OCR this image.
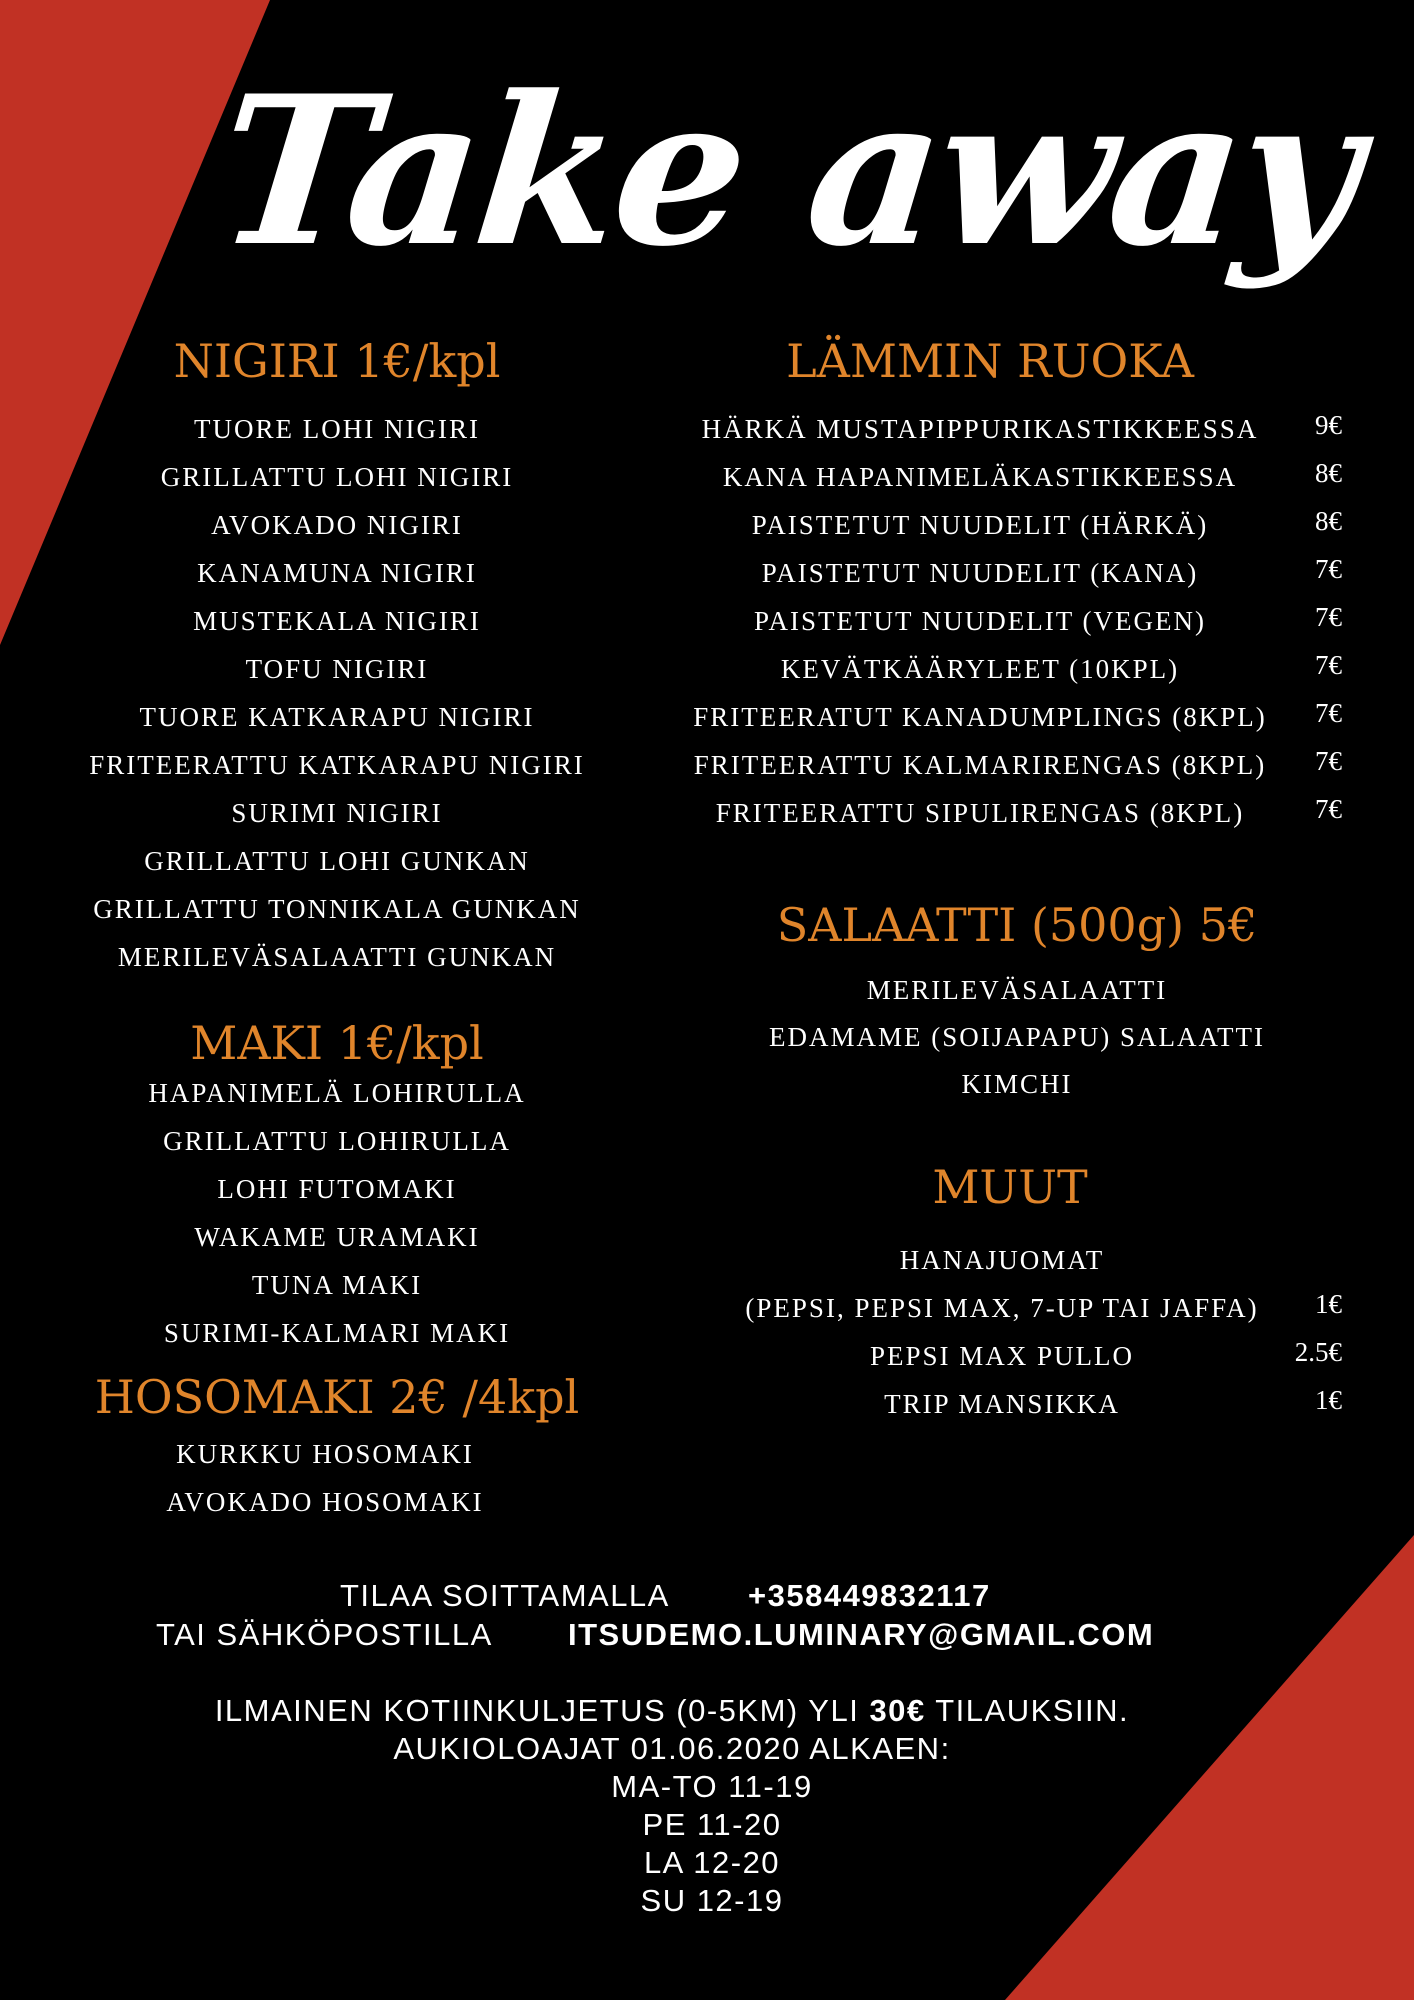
Take away
NIGIRI 1€/kpl
TUORE LOHI NIGIRI
GRILLATTU LOHI NIGIRI
AVOKADO NIGIRI
KANAMUNA NIGIRI
MUSTEKALA NIGIRI
TOFU NIGIRI
TUORE KATKARAPU NIGIRI
FRITEERATTU KATKARAPU NIGIRI
SURIMI NIGIRI
GRILLATTU LOHI GUNKAN
GRILLATTU TONNIKALA GUNKAN
MERILEVÄSALAATTI GUNKAN
MAKI 1€/kpl
HAPANIMELÄ LOHIRULLA
GRILLATTU LOHIRULLA
LOHI FUTOMAKI
WAKAME URAMAKI
TUNA MAKI
SURIMI-KALMARI MAKI
HOSOMAKI 2€ /4kpl
KURKKU HOSOMAKI
AVOKADO HOSOMAKI
LÄMMIN RUOKA
HÄRKÄ MUSTAPIPPURIKASTIKKEESSA 9€
KANA HAPANIMELÄKASTIKKEESSA	8€
PAISTETUT NUUDELIT (HÄRKÄ)	8€
PAISTETUT NUUDELIT (KANA)	7€
PAISTETUT NUUDELIT (VEGEN)	7€
KEVÄTKÄÄRYLEET (10KPL)	7€
FRITEERATUT KANADUMPLINGS (8KPL) 7€
FRITEERATTU KALMARIRENGAS (8KPL) 7€
FRITEERATTU SIPULIRENGAS (8KPL)	7€
SALAATTI (500g) 5€
MERILEVÄSALAATTI
EDAMAME (SOIJAPAPU) SALAATTI
KIMCHI
MUUT
HANAJUOMAT
(PEPSI, PEPSI MAX, 7-UP TAI JAFFA) 1€
PEPSI MAX PULLO	2.5€
TRIP MANSIKKA	1€
TILAA SOITTAMALLA	+358449832117
TAI SÄHKÖPOSTILLA ITSUDEMO.LUMINARY@GMAIL.COM
ILMAINEN KOTIINKULJETUS (0-5KM) YLI 30€ TILAUKSIIN.
AUKIOLOAJAT 01.06.2020 ALKAEN:
MA-TO 11-19
PE 11-20
LA 12-20
SU 12-19
